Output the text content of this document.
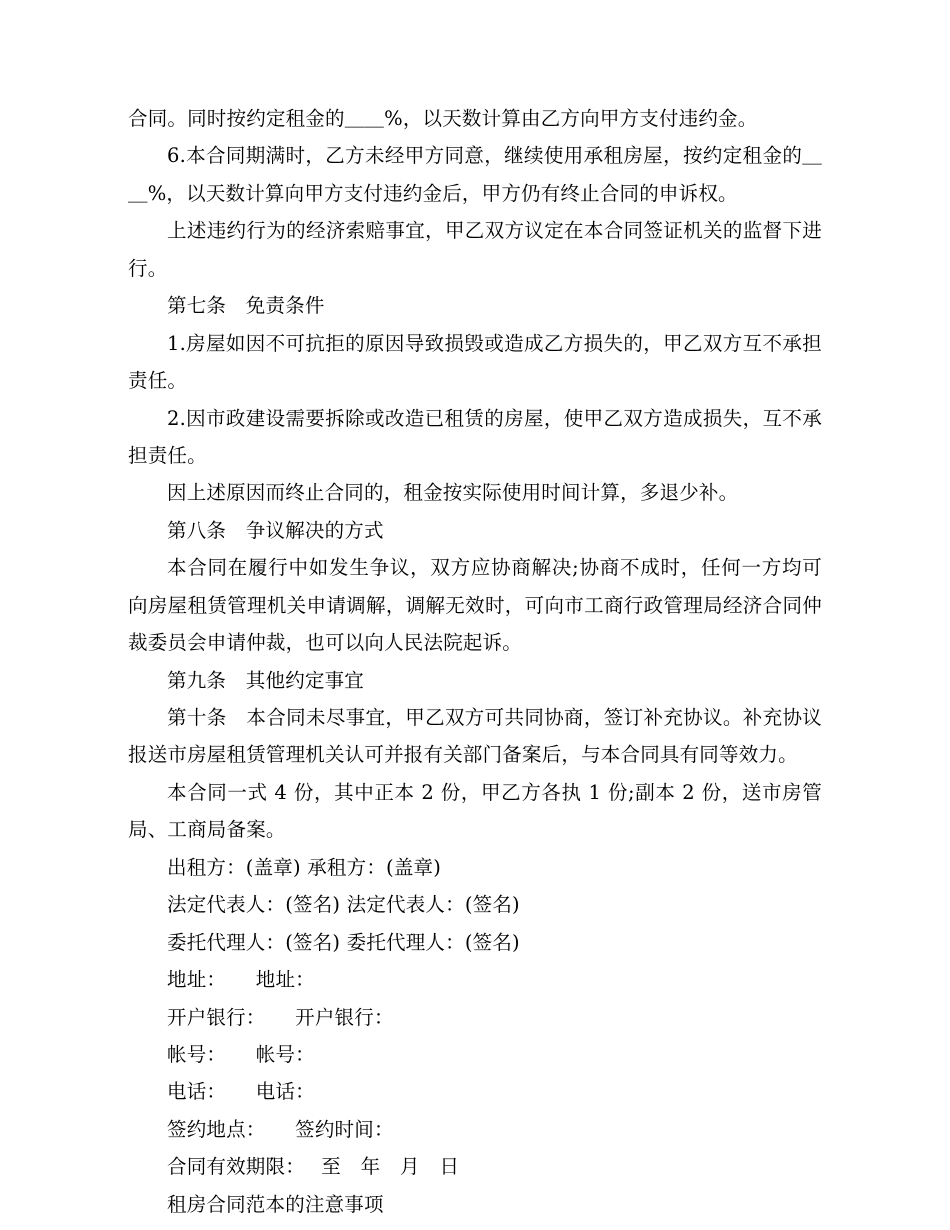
合同。同时按约定租金的＿＿%，以天数计算由乙方向甲方支付违约金。

6.本合同期满时，乙方未经甲方同意，继续使用承租房屋，按约定租金的＿＿%，以天数计算向甲方支付违约金后，甲方仍有终止合同的申诉权。

上述违约行为的经济索赔事宜，甲乙双方议定在本合同签证机关的监督下进行。

第七条　免责条件

1.房屋如因不可抗拒的原因导致损毁或造成乙方损失的，甲乙双方互不承担责任。

2.因市政建设需要拆除或改造已租赁的房屋，使甲乙双方造成损失，互不承担责任。

因上述原因而终止合同的，租金按实际使用时间计算，多退少补。

第八条　争议解决的方式

本合同在履行中如发生争议，双方应协商解决;协商不成时，任何一方均可向房屋租赁管理机关申请调解，调解无效时，可向市工商行政管理局经济合同仲裁委员会申请仲裁，也可以向人民法院起诉。

第九条　其他约定事宜

第十条　本合同未尽事宜，甲乙双方可共同协商，签订补充协议。补充协议报送市房屋租赁管理机关认可并报有关部门备案后，与本合同具有同等效力。

本合同一式 4 份，其中正本 2 份，甲乙方各执 1 份;副本 2 份，送市房管局、工商局备案。

出租方：(盖章) 承租方：(盖章)

法定代表人：(签名) 法定代表人：(签名)

委托代理人：(签名) 委托代理人：(签名)

地址：　　地址：

开户银行：　　开户银行：

帐号：　　帐号：

电话：　　电话：

签约地点：　　签约时间：

合同有效期限：　 至　年　月　日

租房合同范本的注意事项
